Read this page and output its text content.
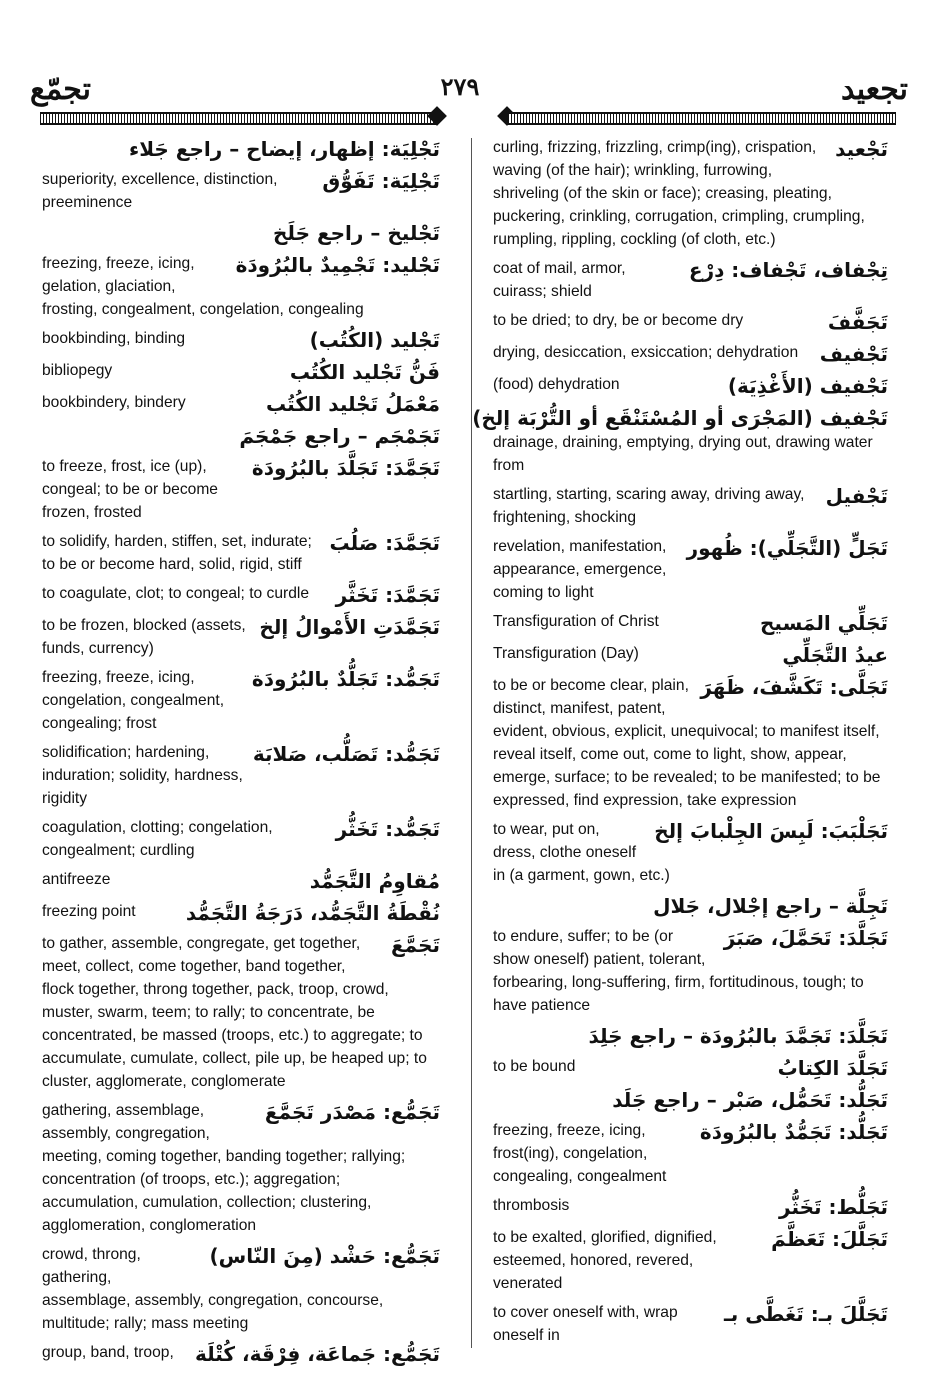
تجمّع	٢٧٩	تجعيد
تَجْلِيَة: إظهار، إيضاح – راجع جَلاء
تَجْلِيَة: تَفَوُّق
superiority, excellence, distinction, preeminence
تَجْليخ – راجع جَلَخ
تَجْليد: تَجْمِيدٌ بالبُرُودَة
freezing, freeze, icing, gelation, glaciation, frosting, congealment, congelation, congealing
تَجْليد (الكُتُب)
bookbinding, binding
فَنُّ تَجْليد الكُتُب
bibliopegy
مَعْمَلُ تَجْليد الكُتُب
bookbindery, bindery
تَجَمْجَم – راجع جَمْجَمَ
تَجَمَّدَ: تَجَلَّدَ بالبُرُودَة
to freeze, frost, ice (up), congeal; to be or become frozen, frosted
تَجَمَّدَ: صَلُبَ
to solidify, harden, stiffen, set, indurate; to be or become hard, solid, rigid, stiff
تَجَمَّدَ: تَخَثَّر
to coagulate, clot; to congeal; to curdle
تَجَمَّدَتِ الأَمْوالُ إلخ
to be frozen, blocked (assets, funds, currency)
تَجَمُّد: تَجَلُّدٌ بالبُرُودَة
freezing, freeze, icing, congelation, congealment, congealing; frost
تَجَمُّد: تَصَلُّب، صَلابَة
solidification; hardening, induration; solidity, hardness, rigidity
تَجَمُّد: تَخَثُّر
coagulation, clotting; congelation, congealment; curdling
مُقاوِمُ التَّجَمُّد
antifreeze
نُقْطَةُ التَّجَمُّد، دَرَجَةُ التَّجَمُّد
freezing point
تَجَمَّعَ
to gather, assemble, congregate, get together, meet, collect, come together, band together, flock together, throng together, pack, troop, crowd, muster, swarm, teem; to rally; to concentrate, be concentrated, be massed (troops, etc.) to aggregate; to accumulate, cumulate, collect, pile up, be heaped up; to cluster, agglomerate, conglomerate
تَجَمُّع: مَصْدَر تَجَمَّعَ
gathering, assemblage, assembly, congregation, meeting, coming together, banding together; rallying; concentration (of troops, etc.); aggregation; accumulation, cumulation, collection; clustering, agglomeration, conglomeration
تَجَمُّع: حَشْد (مِنَ النّاس)
crowd, throng, gathering, assemblage, assembly, congregation, concourse, multitude; rally; mass meeting
تَجَمُّع: جَماعَة، فِرْقَة، كُتْلَة
group, band, troop,
تَجْعيد
curling, frizzing, frizzling, crimp(ing), crispation, waving (of the hair); wrinkling, furrowing, shriveling (of the skin or face); creasing, pleating, puckering, crinkling, corrugation, crimpling, crumpling, rumpling, rippling, cockling (of cloth, etc.)
تِجْفاف، تَجْفاف: دِرْع
coat of mail, armor, cuirass; shield
تَجَفَّفَ
to be dried; to dry, be or become dry
تَجْفيف
drying, desiccation, exsiccation; dehydration
تَجْفيف (الأَغْذِيَة)
(food) dehydration
تَجْفيف (المَجْرَى أو المُسْتَنْقَع أو التُّرْبَة إلخ)
drainage, draining, emptying, drying out, drawing water from
تَجْفيل
startling, starting, scaring away, driving away, frightening, shocking
تَجَلٍّ (التَّجَلِّي): ظُهور
revelation, manifestation, appearance, emergence, coming to light
تَجَلِّي المَسيح
Transfiguration of Christ
عيدُ التَّجَلِّي
Transfiguration (Day)
تَجَلَّى: تَكَشَّفَ، ظَهَرَ
to be or become clear, plain, distinct, manifest, patent, evident, obvious, explicit, unequivocal; to manifest itself, reveal itself, come out, come to light, show, appear, emerge, surface; to be revealed; to be manifested; to be expressed, find expression, take expression
تَجَلْبَبَ: لَبِسَ الجِلْبابَ إلخ
to wear, put on, dress, clothe oneself in (a garment, gown, etc.)
تَجِلَّة – راجع إجْلال، جَلال
تَجَلَّدَ: تَحَمَّلَ، صَبَرَ
to endure, suffer; to be (or show oneself) patient, tolerant, forbearing, long-suffering, firm, fortitudinous, tough; to have patience
تَجَلَّدَ: تَجَمَّدَ بالبُرُودَة – راجع جَلِدَ
تَجَلَّدَ الكِتابُ
to be bound
تَجَلُّد: تَحَمُّل، صَبْر – راجع جَلَد
تَجَلُّد: تَجَمُّدٌ بالبُرُودَة
freezing, freeze, icing, frost(ing), congelation, congealing, congealment
تَجَلُّط: تَخَثُّر
thrombosis
تَجَلَّلَ: تَعَظَّمَ
to be exalted, glorified, dignified, esteemed, honored, revered, venerated
تَجَلَّلَ بـ: تَغَطَّى بـ
to cover oneself with, wrap oneself in
